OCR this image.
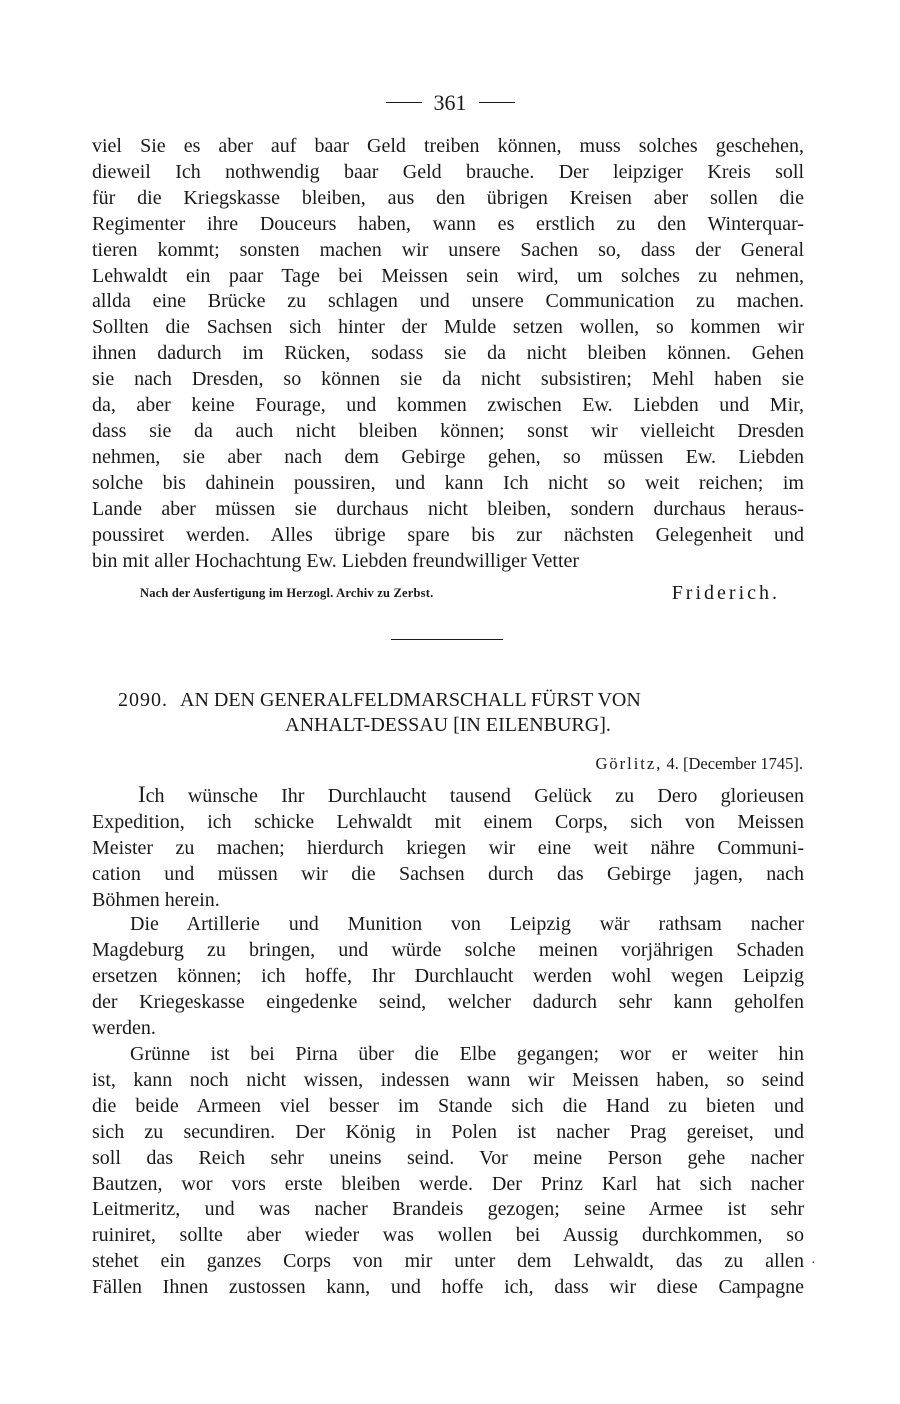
361
viel Sie es aber auf baar Geld treiben können, muss solches geschehen,
dieweil Ich nothwendig baar Geld brauche. Der leipziger Kreis soll
für die Kriegskasse bleiben, aus den übrigen Kreisen aber sollen die
Regimenter ihre Douceurs haben, wann es erstlich zu den Winterquar-
tieren kommt; sonsten machen wir unsere Sachen so, dass der General
Lehwaldt ein paar Tage bei Meissen sein wird, um solches zu nehmen,
allda eine Brücke zu schlagen und unsere Communication zu machen.
Sollten die Sachsen sich hinter der Mulde setzen wollen, so kommen wir
ihnen dadurch im Rücken, sodass sie da nicht bleiben können. Gehen
sie nach Dresden, so können sie da nicht subsistiren; Mehl haben sie
da, aber keine Fourage, und kommen zwischen Ew. Liebden und Mir,
dass sie da auch nicht bleiben können; sonst wir vielleicht Dresden
nehmen, sie aber nach dem Gebirge gehen, so müssen Ew. Liebden
solche bis dahinein poussiren, und kann Ich nicht so weit reichen; im
Lande aber müssen sie durchaus nicht bleiben, sondern durchaus heraus-
poussiret werden. Alles übrige spare bis zur nächsten Gelegenheit und
bin mit aller Hochachtung Ew. Liebden freundwilliger Vetter
Nach der Ausfertigung im Herzogl. Archiv zu Zerbst.	Friderich.
2090. AN DEN GENERALFELDMARSCHALL FÜRST VON
ANHALT-DESSAU [IN EILENBURG].
Görlitz, 4. [December 1745].
Ich wünsche Ihr Durchlaucht tausend Gelück zu Dero glorieusen
Expedition, ich schicke Lehwaldt mit einem Corps, sich von Meissen
Meister zu machen; hierdurch kriegen wir eine weit nähre Communi-
cation und müssen wir die Sachsen durch das Gebirge jagen, nach
Böhmen herein.
Die Artillerie und Munition von Leipzig wär rathsam nacher
Magdeburg zu bringen, und würde solche meinen vorjährigen Schaden
ersetzen können; ich hoffe, Ihr Durchlaucht werden wohl wegen Leipzig
der Kriegeskasse eingedenke seind, welcher dadurch sehr kann geholfen
werden.
Grünne ist bei Pirna über die Elbe gegangen; wor er weiter hin
ist, kann noch nicht wissen, indessen wann wir Meissen haben, so seind
die beide Armeen viel besser im Stande sich die Hand zu bieten und
sich zu secundiren. Der König in Polen ist nacher Prag gereiset, und
soll das Reich sehr uneins seind. Vor meine Person gehe nacher
Bautzen, wor vors erste bleiben werde. Der Prinz Karl hat sich nacher
Leitmeritz, und was nacher Brandeis gezogen; seine Armee ist sehr
ruiniret, sollte aber wieder was wollen bei Aussig durchkommen, so
stehet ein ganzes Corps von mir unter dem Lehwaldt, das zu allen
Fällen Ihnen zustossen kann, und hoffe ich, dass wir diese Campagne
·
